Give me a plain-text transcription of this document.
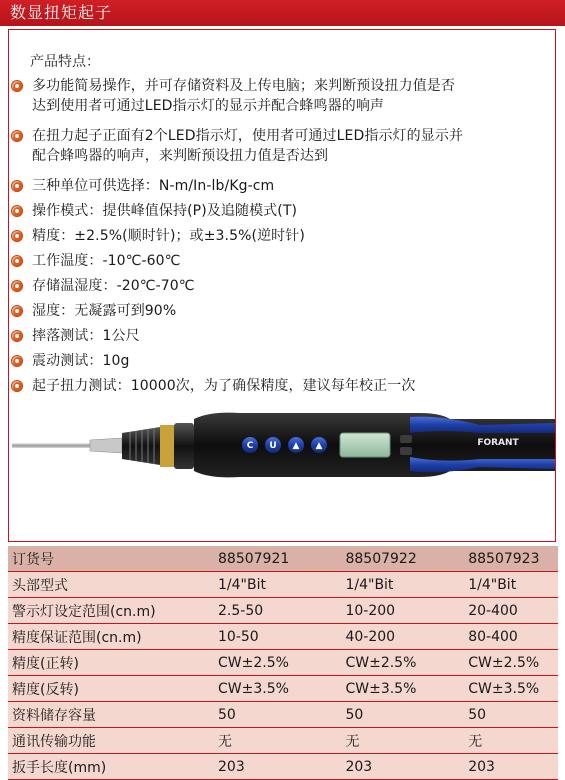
数显扭矩起子
产品特点：
多功能简易操作，并可存储资料及上传电脑；来判断预设扭力值是否
达到使用者可通过LED指示灯的显示并配合蜂鸣器的响声
在扭力起子正面有2个LED指示灯，使用者可通过LED指示灯的显示并
配合蜂鸣器的响声，来判断预设扭力值是否达到
三种单位可供选择：N-m/In-lb/Kg-cm
操作模式：提供峰值保持(P)及追随模式(T)
精度：±2.5%(顺时针)；或±3.5%(逆时针)
工作温度：-10℃-60℃
存储温湿度：-20℃-70℃
湿度：无凝露可到90%
摔落测试：1公尺
震动测试：10g
起子扭力测试：10000次，为了确保精度，建议每年校正一次
C U ▲ ▲	FORANT
订货号	88507921	88507922	88507923
头部型式	1/4"Bit	1/4"Bit	1/4"Bit
警示灯设定范围(cn.m)	2.5-50	10-200	20-400
精度保证范围(cn.m)	10-50	40-200	80-400
精度(正转)	CW±2.5%	CW±2.5%	CW±2.5%
精度(反转)	CW±3.5%	CW±3.5%	CW±3.5%
资料储存容量	50	50	50
通讯传输功能	无	无	无
扳手长度(mm)	203	203	203
